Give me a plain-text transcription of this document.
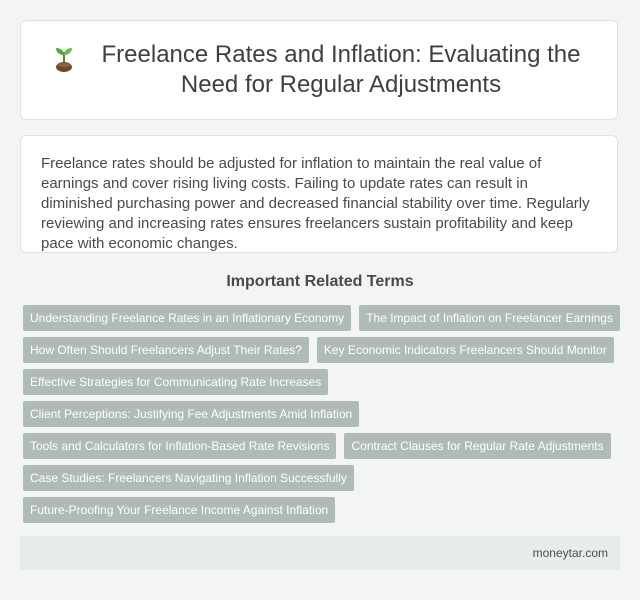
Freelance Rates and Inflation: Evaluating the Need for Regular Adjustments

Freelance rates should be adjusted for inflation to maintain the real value of earnings and cover rising living costs. Failing to update rates can result in diminished purchasing power and decreased financial stability over time. Regularly reviewing and increasing rates ensures freelancers sustain profitability and keep pace with economic changes.

Important Related Terms
Understanding Freelance Rates in an Inflationary Economy	The Impact of Inflation on Freelancer Earnings
How Often Should Freelancers Adjust Their Rates?	Key Economic Indicators Freelancers Should Monitor
Effective Strategies for Communicating Rate Increases
Client Perceptions: Justifying Fee Adjustments Amid Inflation
Tools and Calculators for Inflation-Based Rate Revisions	Contract Clauses for Regular Rate Adjustments
Case Studies: Freelancers Navigating Inflation Successfully
Future-Proofing Your Freelance Income Against Inflation
moneytar.com
